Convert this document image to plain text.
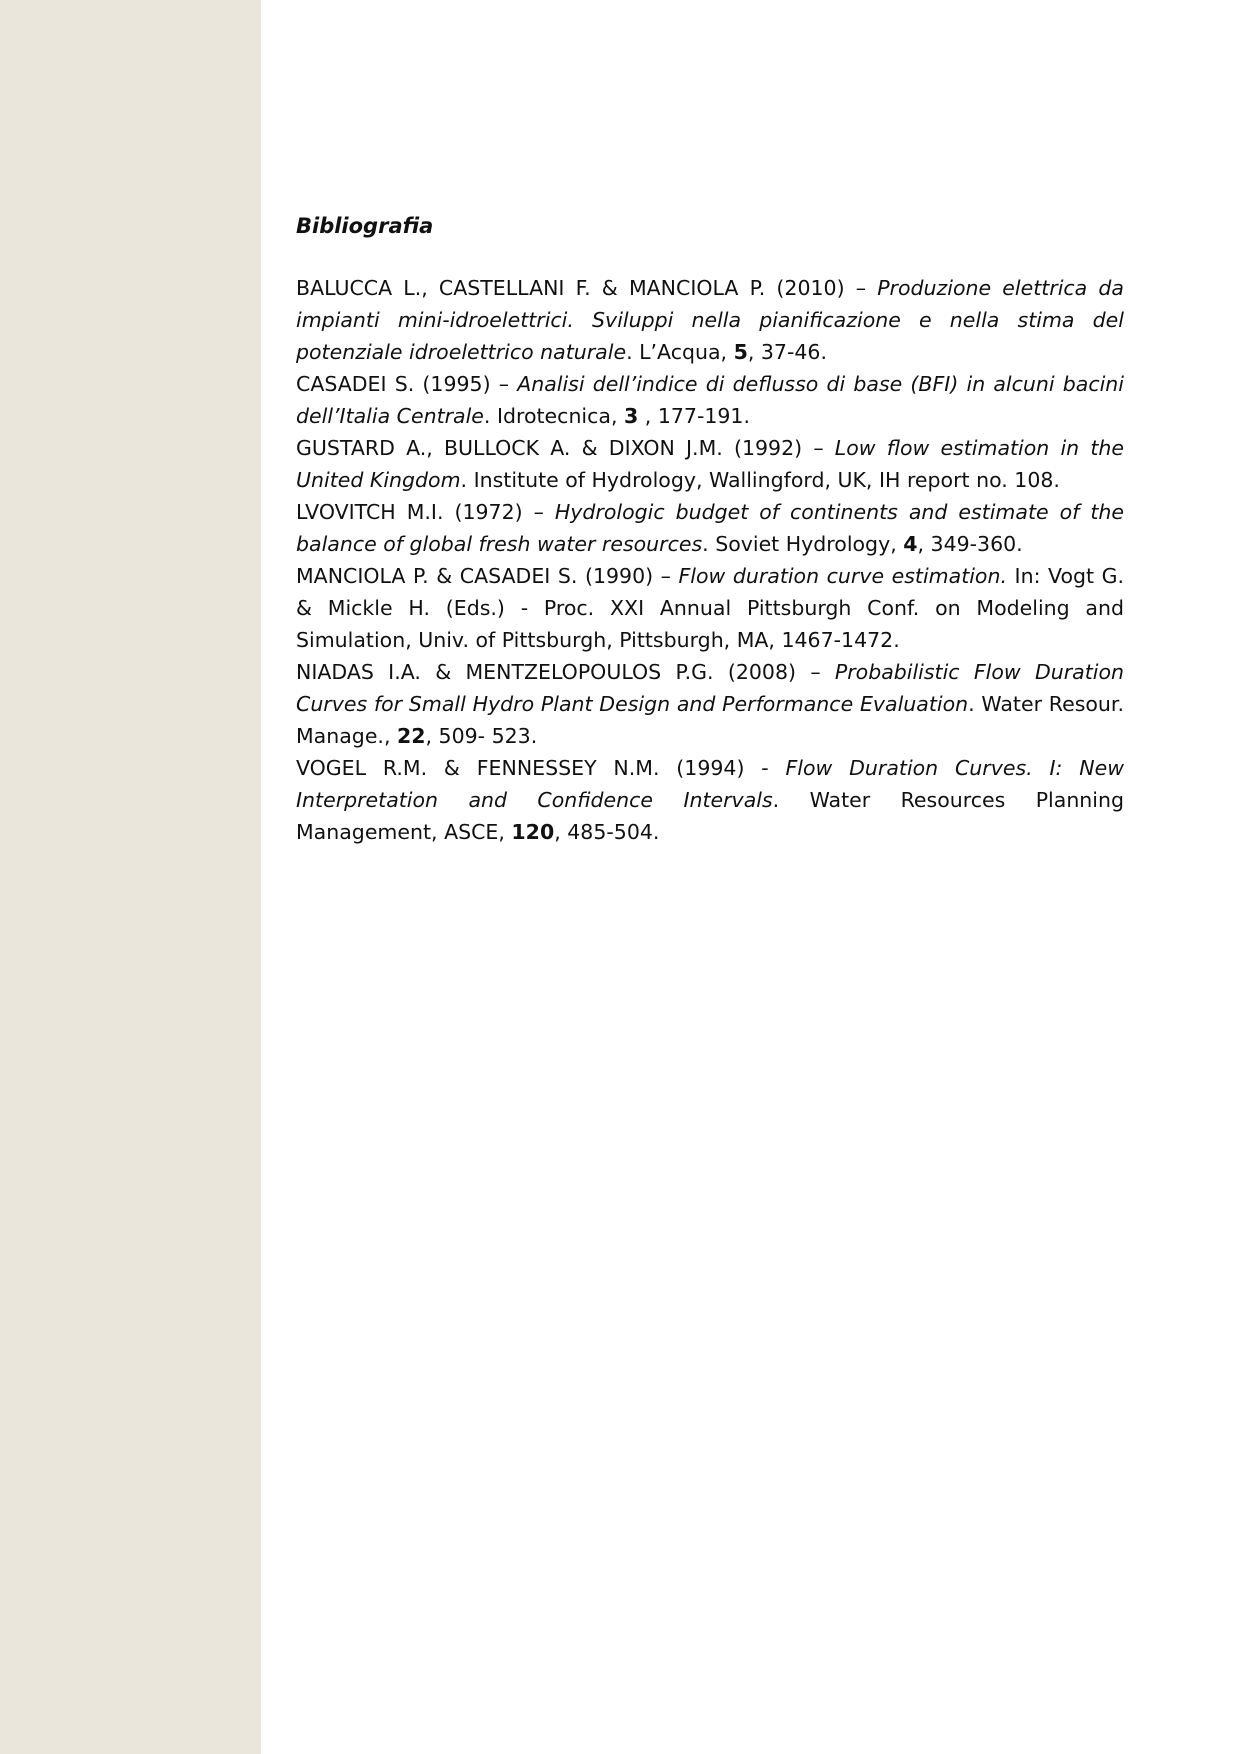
Bibliografia

BALUCCA L., CASTELLANI F. & MANCIOLA P. (2010) – Produzione elettrica da impianti mini-idroelettrici. Sviluppi nella pianificazione e nella stima del potenziale idroelettrico naturale. L’Acqua, 5, 37-46.

CASADEI S. (1995) – Analisi dell’indice di deflusso di base (BFI) in alcuni bacini dell’Italia Centrale. Idrotecnica, 3 , 177-191.

GUSTARD A., BULLOCK A. & DIXON J.M. (1992) – Low flow estimation in the United Kingdom. Institute of Hydrology, Wallingford, UK, IH report no. 108.

LVOVITCH M.I. (1972) – Hydrologic budget of continents and estimate of the balance of global fresh water resources. Soviet Hydrology, 4, 349-360.

MANCIOLA P. & CASADEI S. (1990) – Flow duration curve estimation. In: Vogt G. & Mickle H. (Eds.) - Proc. XXI Annual Pittsburgh Conf. on Modeling and Simulation, Univ. of Pittsburgh, Pittsburgh, MA, 1467-1472.

NIADAS I.A. & MENTZELOPOULOS P.G. (2008) – Probabilistic Flow Duration Curves for Small Hydro Plant Design and Performance Evaluation. Water Resour. Manage., 22, 509- 523.

VOGEL R.M. & FENNESSEY N.M. (1994) - Flow Duration Curves. I: New Interpretation and Confidence Intervals. Water Resources Planning Management, ASCE, 120, 485-504.
